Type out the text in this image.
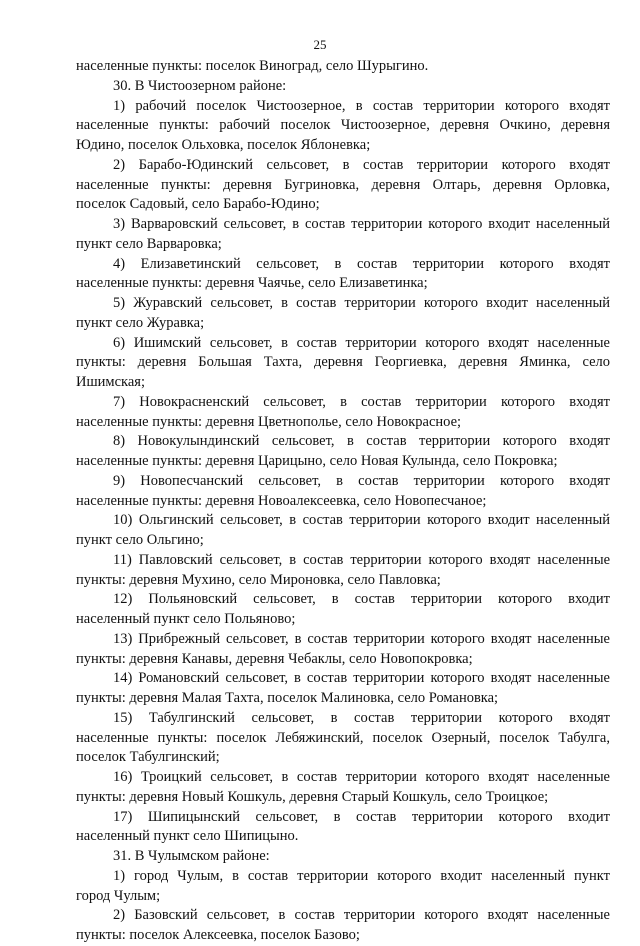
25
населенные пункты: поселок Виноград, село Шурыгино.
30. В Чистоозерном районе:
1) рабочий поселок Чистоозерное, в состав территории которого входят
населенные пункты: рабочий поселок Чистоозерное, деревня Очкино, деревня
Юдино, поселок Ольховка, поселок Яблоневка;
2) Барабо-Юдинский сельсовет, в состав территории которого входят
населенные пункты: деревня Бугриновка, деревня Олтарь, деревня Орловка,
поселок Садовый, село Барабо-Юдино;
3) Варваровский сельсовет, в состав территории которого входит населенный
пункт село Варваровка;
4) Елизаветинский сельсовет, в состав территории которого входят
населенные пункты: деревня Чаячье, село Елизаветинка;
5) Журавский сельсовет, в состав территории которого входит населенный
пункт село Журавка;
6) Ишимский сельсовет, в состав территории которого входят населенные
пункты: деревня Большая Тахта, деревня Георгиевка, деревня Яминка, село
Ишимская;
7) Новокрасненский сельсовет, в состав территории которого входят
населенные пункты: деревня Цветнополье, село Новокрасное;
8) Новокулындинский сельсовет, в состав территории которого входят
населенные пункты: деревня Царицыно, село Новая Кулында, село Покровка;
9) Новопесчанский сельсовет, в состав территории которого входят
населенные пункты: деревня Новоалексеевка, село Новопесчаное;
10) Ольгинский сельсовет, в состав территории которого входит населенный
пункт село Ольгино;
11) Павловский сельсовет, в состав территории которого входят населенные
пункты: деревня Мухино, село Мироновка, село Павловка;
12) Польяновский сельсовет, в состав территории которого входит
населенный пункт село Польяново;
13) Прибрежный сельсовет, в состав территории которого входят населенные
пункты: деревня Канавы, деревня Чебаклы, село Новопокровка;
14) Романовский сельсовет, в состав территории которого входят населенные
пункты: деревня Малая Тахта, поселок Малиновка, село Романовка;
15) Табулгинский сельсовет, в состав территории которого входят
населенные пункты: поселок Лебяжинский, поселок Озерный, поселок Табулга,
поселок Табулгинский;
16) Троицкий сельсовет, в состав территории которого входят населенные
пункты: деревня Новый Кошкуль, деревня Старый Кошкуль, село Троицкое;
17) Шипицынский сельсовет, в состав территории которого входит
населенный пункт село Шипицыно.
31. В Чулымском районе:
1) город Чулым, в состав территории которого входит населенный пункт
город Чулым;
2) Базовский сельсовет, в состав территории которого входят населенные
пункты: поселок Алексеевка, поселок Базово;
